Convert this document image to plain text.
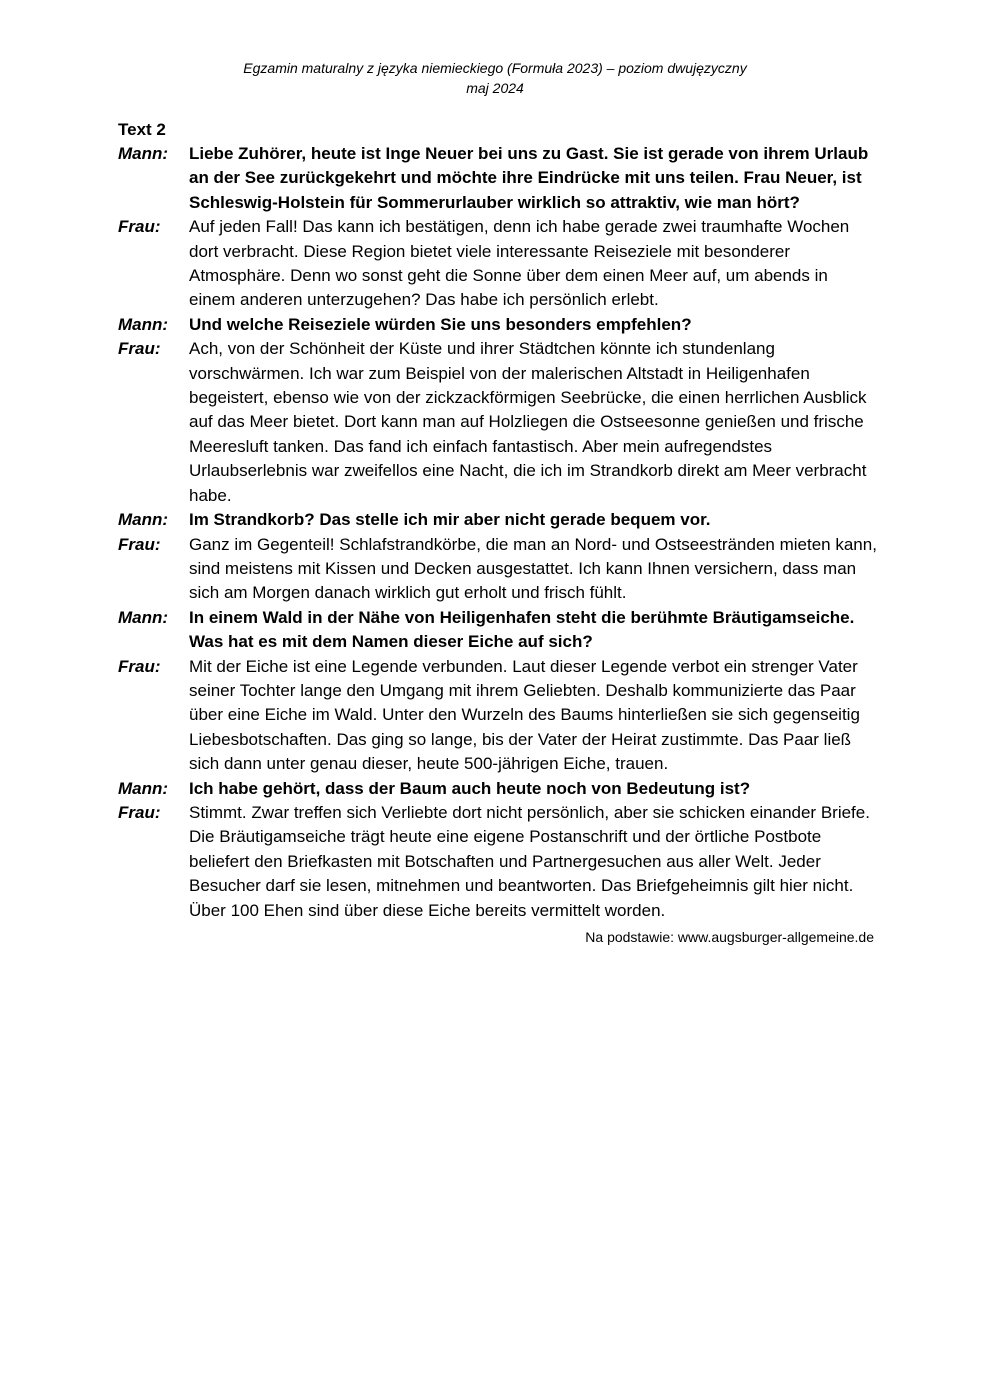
Egzamin maturalny z języka niemieckiego (Formuła 2023) – poziom dwujęzyczny
maj 2024
Text 2
Mann:	Liebe Zuhörer, heute ist Inge Neuer bei uns zu Gast. Sie ist gerade von ihrem Urlaub an der See zurückgekehrt und möchte ihre Eindrücke mit uns teilen. Frau Neuer, ist Schleswig-Holstein für Sommerurlauber wirklich so attraktiv, wie man hört?
Frau:	Auf jeden Fall! Das kann ich bestätigen, denn ich habe gerade zwei traumhafte Wochen dort verbracht. Diese Region bietet viele interessante Reiseziele mit besonderer Atmosphäre. Denn wo sonst geht die Sonne über dem einen Meer auf, um abends in einem anderen unterzugehen? Das habe ich persönlich erlebt.
Mann:	Und welche Reiseziele würden Sie uns besonders empfehlen?
Frau:	Ach, von der Schönheit der Küste und ihrer Städtchen könnte ich stundenlang vorschwärmen. Ich war zum Beispiel von der malerischen Altstadt in Heiligenhafen begeistert, ebenso wie von der zickzackförmigen Seebrücke, die einen herrlichen Ausblick auf das Meer bietet. Dort kann man auf Holzliegen die Ostseesonne genießen und frische Meeresluft tanken. Das fand ich einfach fantastisch. Aber mein aufregendstes Urlaubserlebnis war zweifellos eine Nacht, die ich im Strandkorb direkt am Meer verbracht habe.
Mann:	Im Strandkorb? Das stelle ich mir aber nicht gerade bequem vor.
Frau:	Ganz im Gegenteil! Schlafstrandkörbe, die man an Nord- und Ostseestränden mieten kann, sind meistens mit Kissen und Decken ausgestattet. Ich kann Ihnen versichern, dass man sich am Morgen danach wirklich gut erholt und frisch fühlt.
Mann:	In einem Wald in der Nähe von Heiligenhafen steht die berühmte Bräutigamseiche. Was hat es mit dem Namen dieser Eiche auf sich?
Frau:	Mit der Eiche ist eine Legende verbunden. Laut dieser Legende verbot ein strenger Vater seiner Tochter lange den Umgang mit ihrem Geliebten. Deshalb kommunizierte das Paar über eine Eiche im Wald. Unter den Wurzeln des Baums hinterließen sie sich gegenseitig Liebesbotschaften. Das ging so lange, bis der Vater der Heirat zustimmte. Das Paar ließ sich dann unter genau dieser, heute 500-jährigen Eiche, trauen.
Mann:	Ich habe gehört, dass der Baum auch heute noch von Bedeutung ist?
Frau:	Stimmt. Zwar treffen sich Verliebte dort nicht persönlich, aber sie schicken einander Briefe. Die Bräutigamseiche trägt heute eine eigene Postanschrift und der örtliche Postbote beliefert den Briefkasten mit Botschaften und Partnergesuchen aus aller Welt. Jeder Besucher darf sie lesen, mitnehmen und beantworten. Das Briefgeheimnis gilt hier nicht. Über 100 Ehen sind über diese Eiche bereits vermittelt worden.
Na podstawie: www.augsburger-allgemeine.de
